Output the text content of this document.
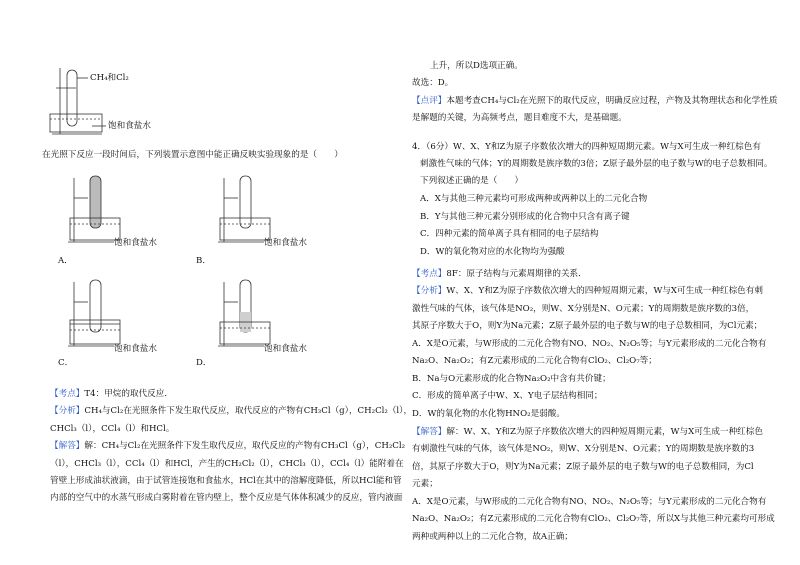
CH₄和Cl₂
饱和食盐水
在光照下反应一段时间后，下列装置示意图中能正确反映实验现象的是（　　）
饱和食盐水
A．
饱和食盐水
B．
饱和食盐水
C．
饱和食盐水
D．
【考点】T4：甲烷的取代反应．
【分析】CH₄与Cl₂在光照条件下发生取代反应，取代反应的产物有CH₃Cl（g），CH₂Cl₂（l），
CHCl₃（l），CCl₄（l）和HCl。
【解答】解：CH₄与Cl₂在光照条件下发生取代反应，取代反应的产物有CH₃Cl（g），CH₂Cl₂
（l），CHCl₃（l），CCl₄（l）和HCl，产生的CH₂Cl₂（l），CHCl₃（l），CCl₄（l）能附着在
管壁上形成油状液滴，由于试管连接饱和食盐水，HCl在其中的溶解度降低，所以HCl能和管
内部的空气中的水蒸气形成白雾附着在管内壁上，整个反应是气体体积减少的反应，管内液面
上升，所以D选项正确。
故选：D。
【点评】本题考查CH₄与Cl₂在光照下的取代反应，明确反应过程，产物及其物理状态和化学性质
是解题的关键，为高频考点，题目难度不大，是基础题。
4．（6分）W、X、Y和Z为原子序数依次增大的四种短周期元素。W与X可生成一种红棕色有
刺激性气味的气体；Y的周期数是族序数的3倍；Z原子最外层的电子数与W的电子总数相同。
下列叙述正确的是（　　）
A．X与其他三种元素均可形成两种或两种以上的二元化合物
B．Y与其他三种元素分别形成的化合物中只含有离子键
C．四种元素的简单离子具有相同的电子层结构
D．W的氧化物对应的水化物均为强酸
【考点】8F：原子结构与元素周期律的关系．
【分析】W、X、Y和Z为原子序数依次增大的四种短周期元素，W与X可生成一种红棕色有刺
激性气味的气体，该气体是NO₂，则W、X分别是N、O元素；Y的周期数是族序数的3倍，
其原子序数大于O，则Y为Na元素；Z原子最外层的电子数与W的电子总数相同，为Cl元素；
A．X是O元素，与W形成的二元化合物有NO、NO₂、N₂O₅等；与Y元素形成的二元化合物有
Na₂O、Na₂O₂；有Z元素形成的二元化合物有ClO₂、Cl₂O₇等；
B．Na与O元素形成的化合物Na₂O₂中含有共价键；
C．形成的简单离子中W、X、Y电子层结构相同；
D．W的氧化物的水化物HNO₂是弱酸。
【解答】解：W、X、Y和Z为原子序数依次增大的四种短周期元素，W与X可生成一种红棕色
有刺激性气味的气体，该气体是NO₂，则W、X分别是N、O元素；Y的周期数是族序数的3
倍，其原子序数大于O，则Y为Na元素；Z原子最外层的电子数与W的电子总数相同，为Cl
元素；
A．X是O元素，与W形成的二元化合物有NO、NO₂、N₂O₅等；与Y元素形成的二元化合物有
Na₂O、Na₂O₂；有Z元素形成的二元化合物有ClO₂、Cl₂O₇等，所以X与其他三种元素均可形成
两种或两种以上的二元化合物，故A正确；
